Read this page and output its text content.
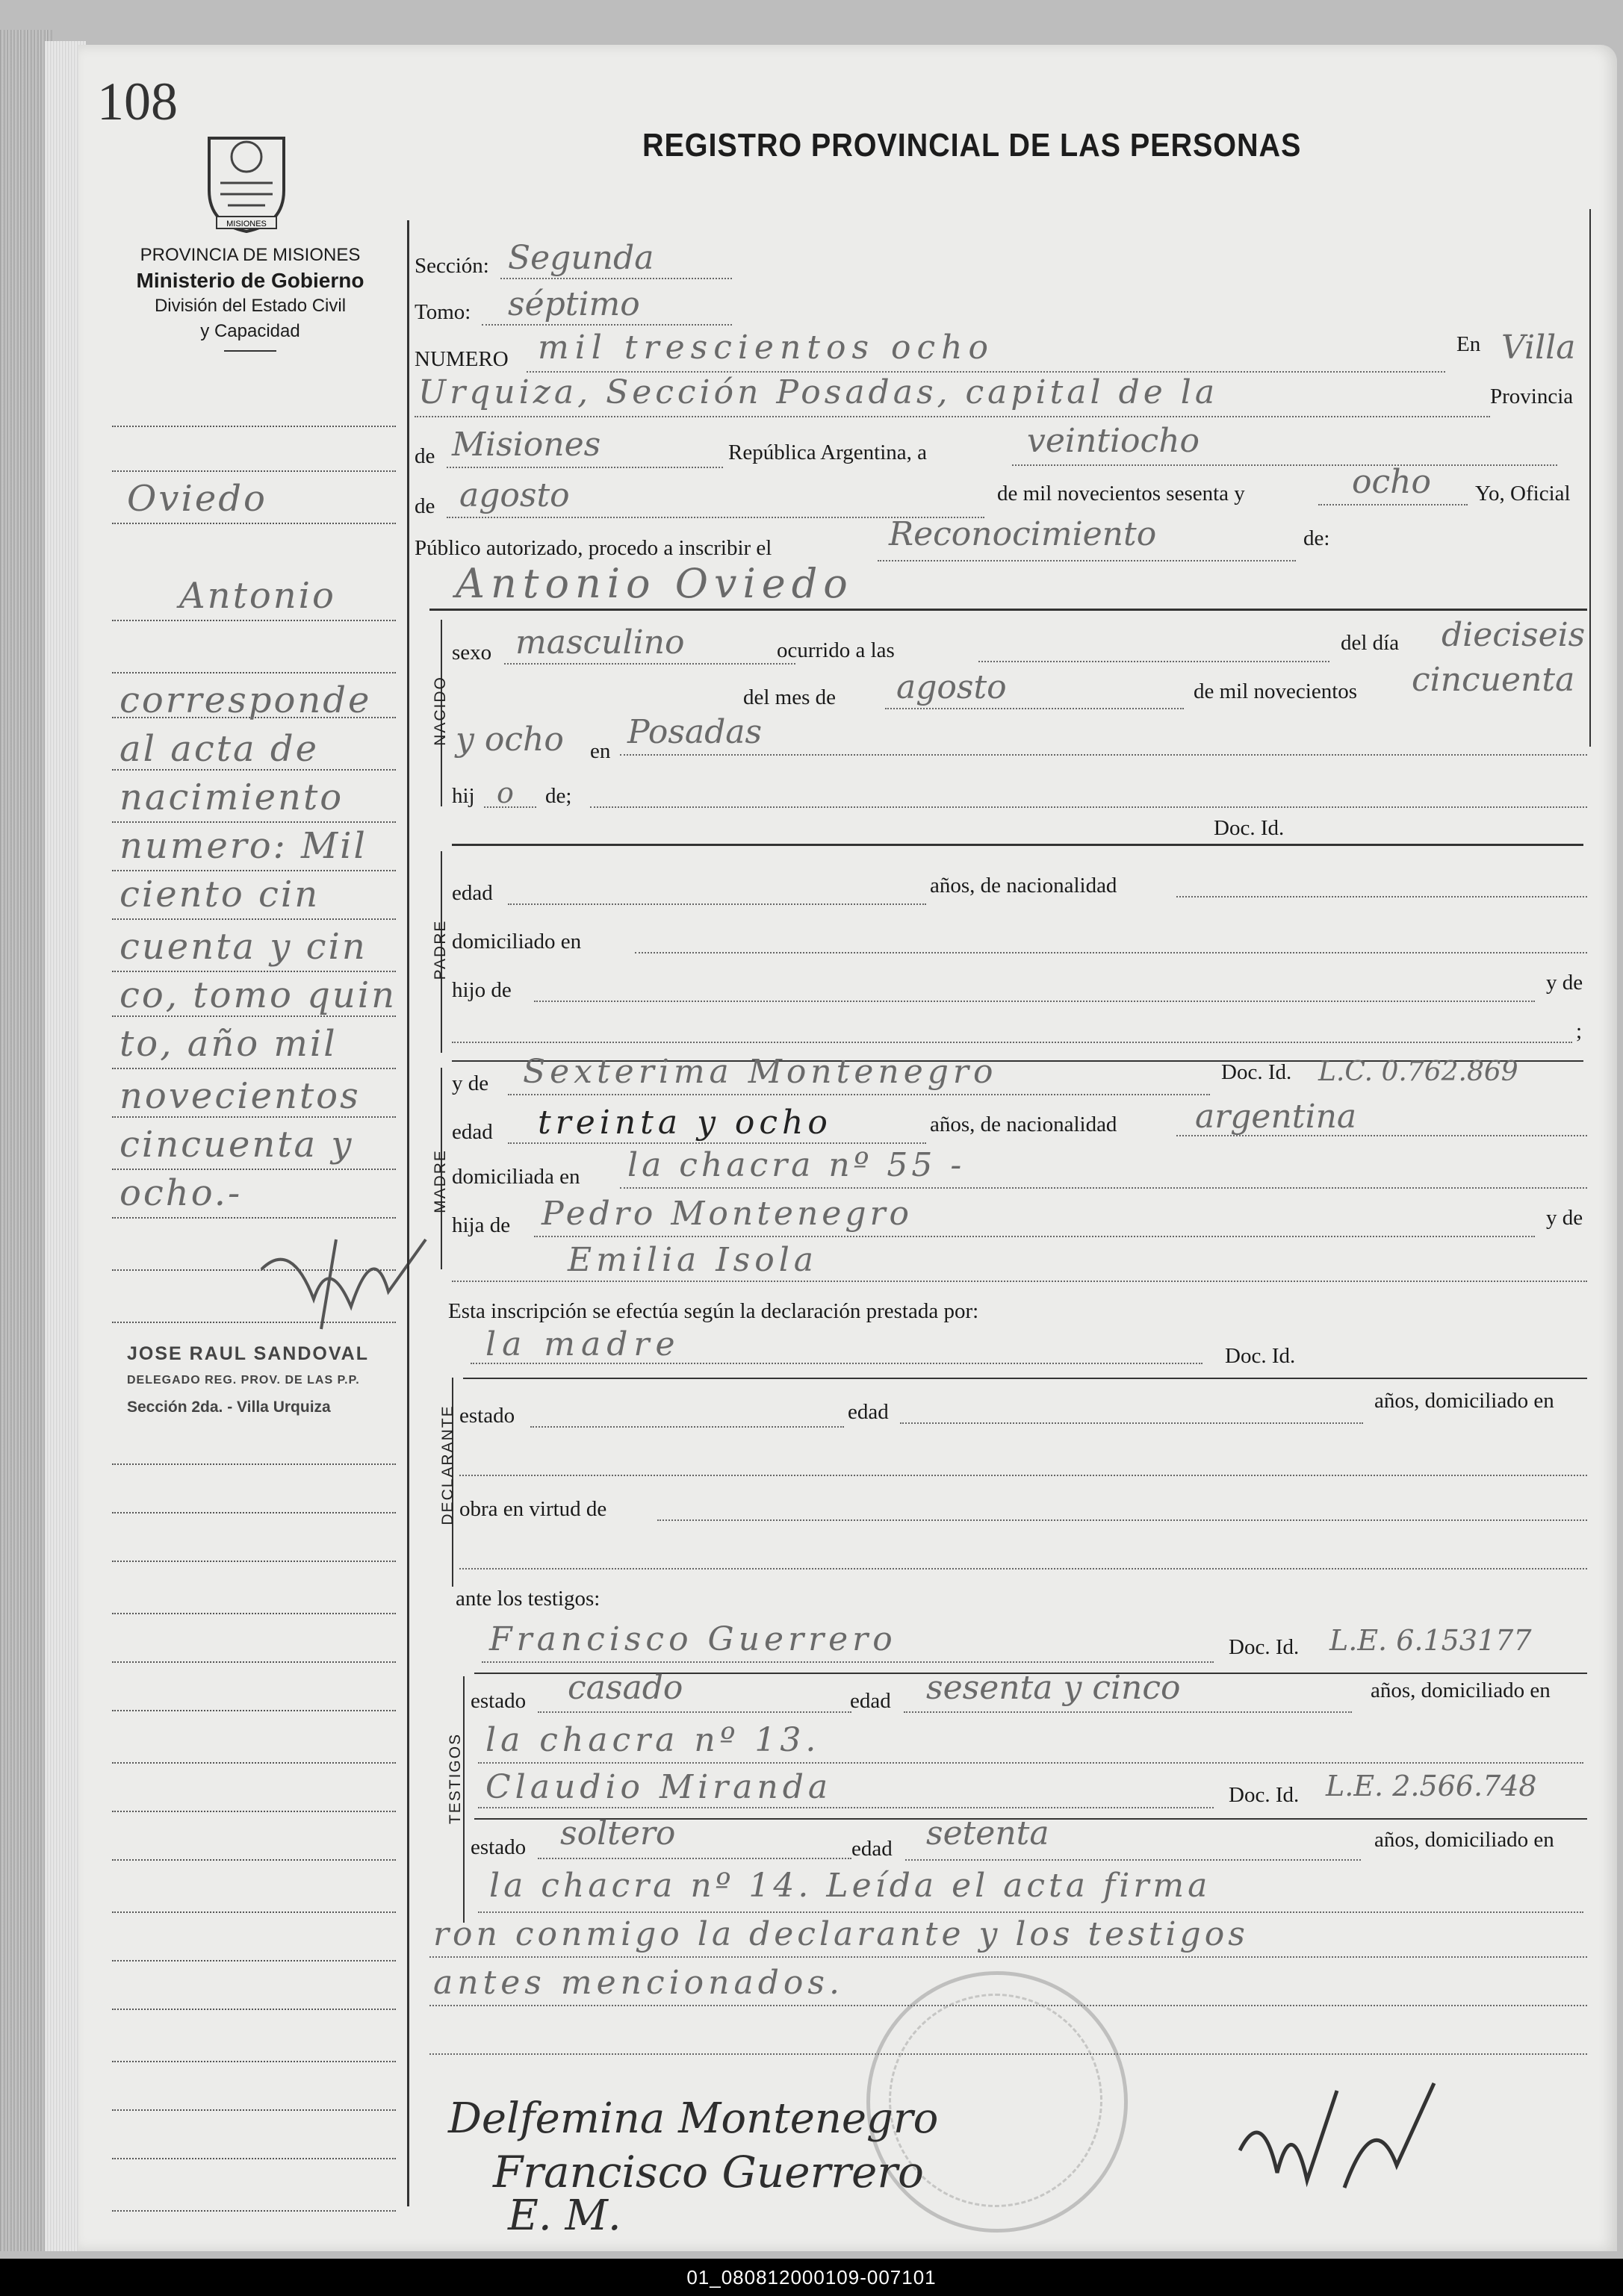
108
MISIONES
REGISTRO PROVINCIAL DE LAS PERSONAS
PROVINCIA DE MISIONES
Ministerio de Gobierno
División del Estado Civil
y Capacidad
Oviedo
Antonio
corresponde
al acta de
nacimiento
numero: Mil
ciento cin
cuenta y cin
co, tomo quin
to, año mil
novecientos
cincuenta y
ocho.-
JOSE RAUL SANDOVAL
DELEGADO REG. PROV. DE LAS P.P.
Sección 2da. - Villa Urquiza
Sección: Segunda
Tomo: séptimo
NUMERO mil trescientos ocho	En Villa
Urquiza, Sección Posadas, capital de la	Provincia
de Misiones	República Argentina, a	veintiocho
de agosto	de mil novecientos sesenta y	ocho Yo, Oficial
Público autorizado, procedo a inscribir el	Reconocimiento	de:
Antonio Oviedo
NACIDO
sexo masculino	ocurrido a las	del día dieciseis
del mes de agosto	de mil novecientos cincuenta
y ocho en Posadas
hij o de;
Doc. Id.
PADRE
edad	años, de nacionalidad
domiciliado en
hijo de	y de
;
MADRE
y de Sexterima Montenegro	Doc. Id. L.C. 0.762.869
edad treinta y ocho	años, de nacionalidad argentina
domiciliada en la chacra nº 55 -
hija de Pedro Montenegro	y de
Emilia Isola
Esta inscripción se efectúa según la declaración prestada por:
la madre	Doc. Id.
DECLARANTE estado	edad	años, domiciliado en
obra en virtud de
ante los testigos:
Francisco Guerrero	Doc. Id. L.E. 6.153177
TESTIGOS
estado casado	edad sesenta y cinco	años, domiciliado en
la chacra nº 13.
Claudio Miranda	Doc. Id. L.E. 2.566.748
estado soltero	edad setenta	años, domiciliado en
la chacra nº 14. Leída el acta firma
ron conmigo la declarante y los testigos
antes mencionados.
Delfemina Montenegro
Francisco Guerrero
E. M.
01_080812000109-007101
